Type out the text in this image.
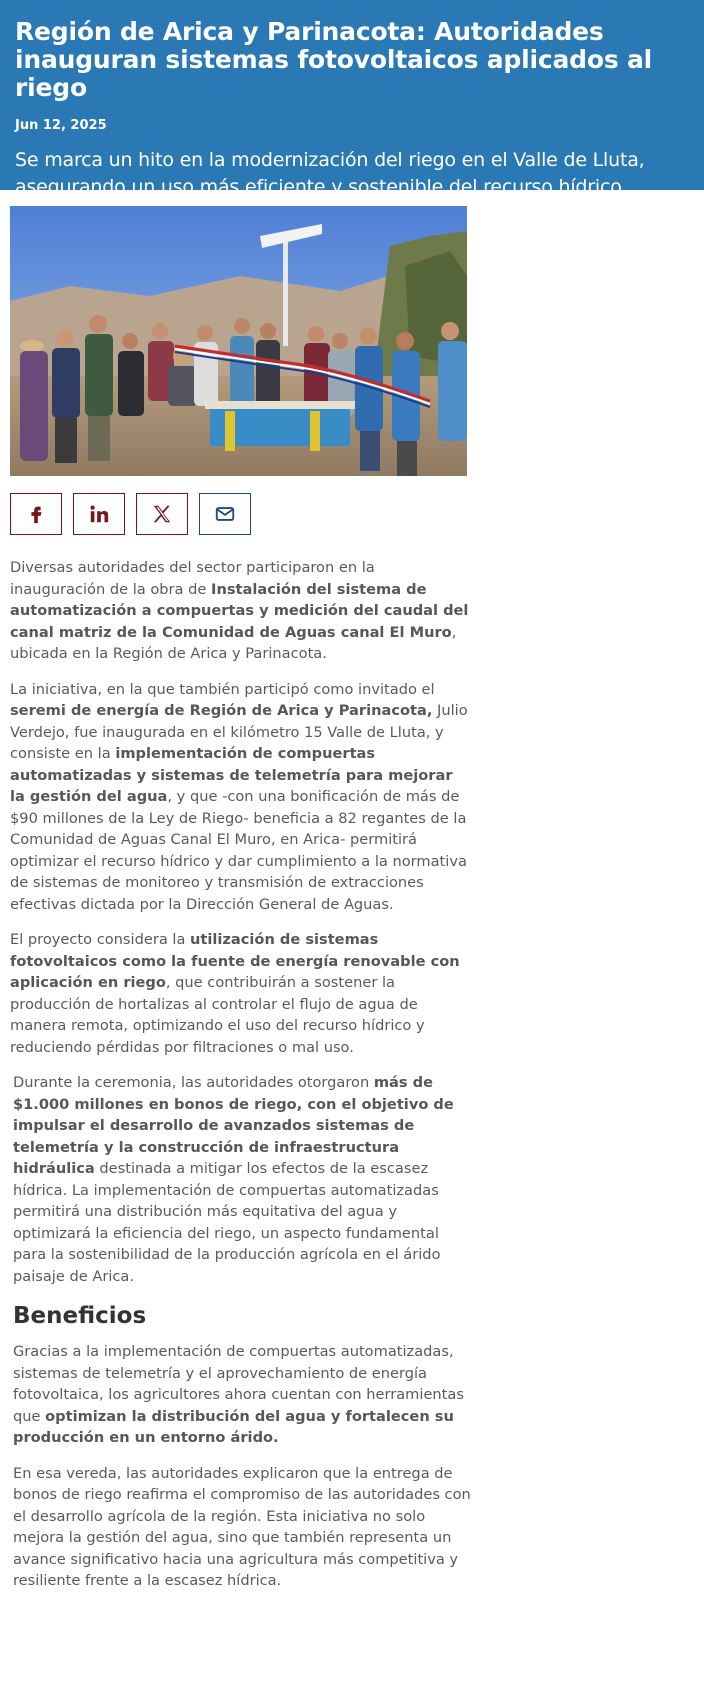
Región de Arica y Parinacota: Autoridades inauguran sistemas fotovoltaicos aplicados al riego
Jun 12, 2025
Se marca un hito en la modernización del riego en el Valle de Lluta, asegurando un uso más eficiente y sostenible del recurso hídrico.

Diversas autoridades del sector participaron en la inauguración de la obra de Instalación del sistema de automatización a compuertas y medición del caudal del canal matriz de la Comunidad de Aguas canal El Muro, ubicada en la Región de Arica y Parinacota.

La iniciativa, en la que también participó como invitado el seremi de energía de Región de Arica y Parinacota, Julio Verdejo, fue inaugurada en el kilómetro 15 Valle de Lluta, y consiste en la implementación de compuertas automatizadas y sistemas de telemetría para mejorar la gestión del agua, y que -con una bonificación de más de $90 millones de la Ley de Riego- beneficia a 82 regantes de la Comunidad de Aguas Canal El Muro, en Arica- permitirá optimizar el recurso hídrico y dar cumplimiento a la normativa de sistemas de monitoreo y transmisión de extracciones efectivas dictada por la Dirección General de Aguas.

El proyecto considera la utilización de sistemas fotovoltaicos como la fuente de energía renovable con aplicación en riego, que contribuirán a sostener la producción de hortalizas al controlar el flujo de agua de manera remota, optimizando el uso del recurso hídrico y reduciendo pérdidas por filtraciones o mal uso.

Durante la ceremonia, las autoridades otorgaron más de $1.000 millones en bonos de riego, con el objetivo de impulsar el desarrollo de avanzados sistemas de telemetría y la construcción de infraestructura hidráulica destinada a mitigar los efectos de la escasez hídrica. La implementación de compuertas automatizadas permitirá una distribución más equitativa del agua y optimizará la eficiencia del riego, un aspecto fundamental para la sostenibilidad de la producción agrícola en el árido paisaje de Arica.

Beneficios

Gracias a la implementación de compuertas automatizadas, sistemas de telemetría y el aprovechamiento de energía fotovoltaica, los agricultores ahora cuentan con herramientas que optimizan la distribución del agua y fortalecen su producción en un entorno árido.

En esa vereda, las autoridades explicaron que la entrega de bonos de riego reafirma el compromiso de las autoridades con el desarrollo agrícola de la región. Esta iniciativa no solo mejora la gestión del agua, sino que también representa un avance significativo hacia una agricultura más competitiva y resiliente frente a la escasez hídrica.
